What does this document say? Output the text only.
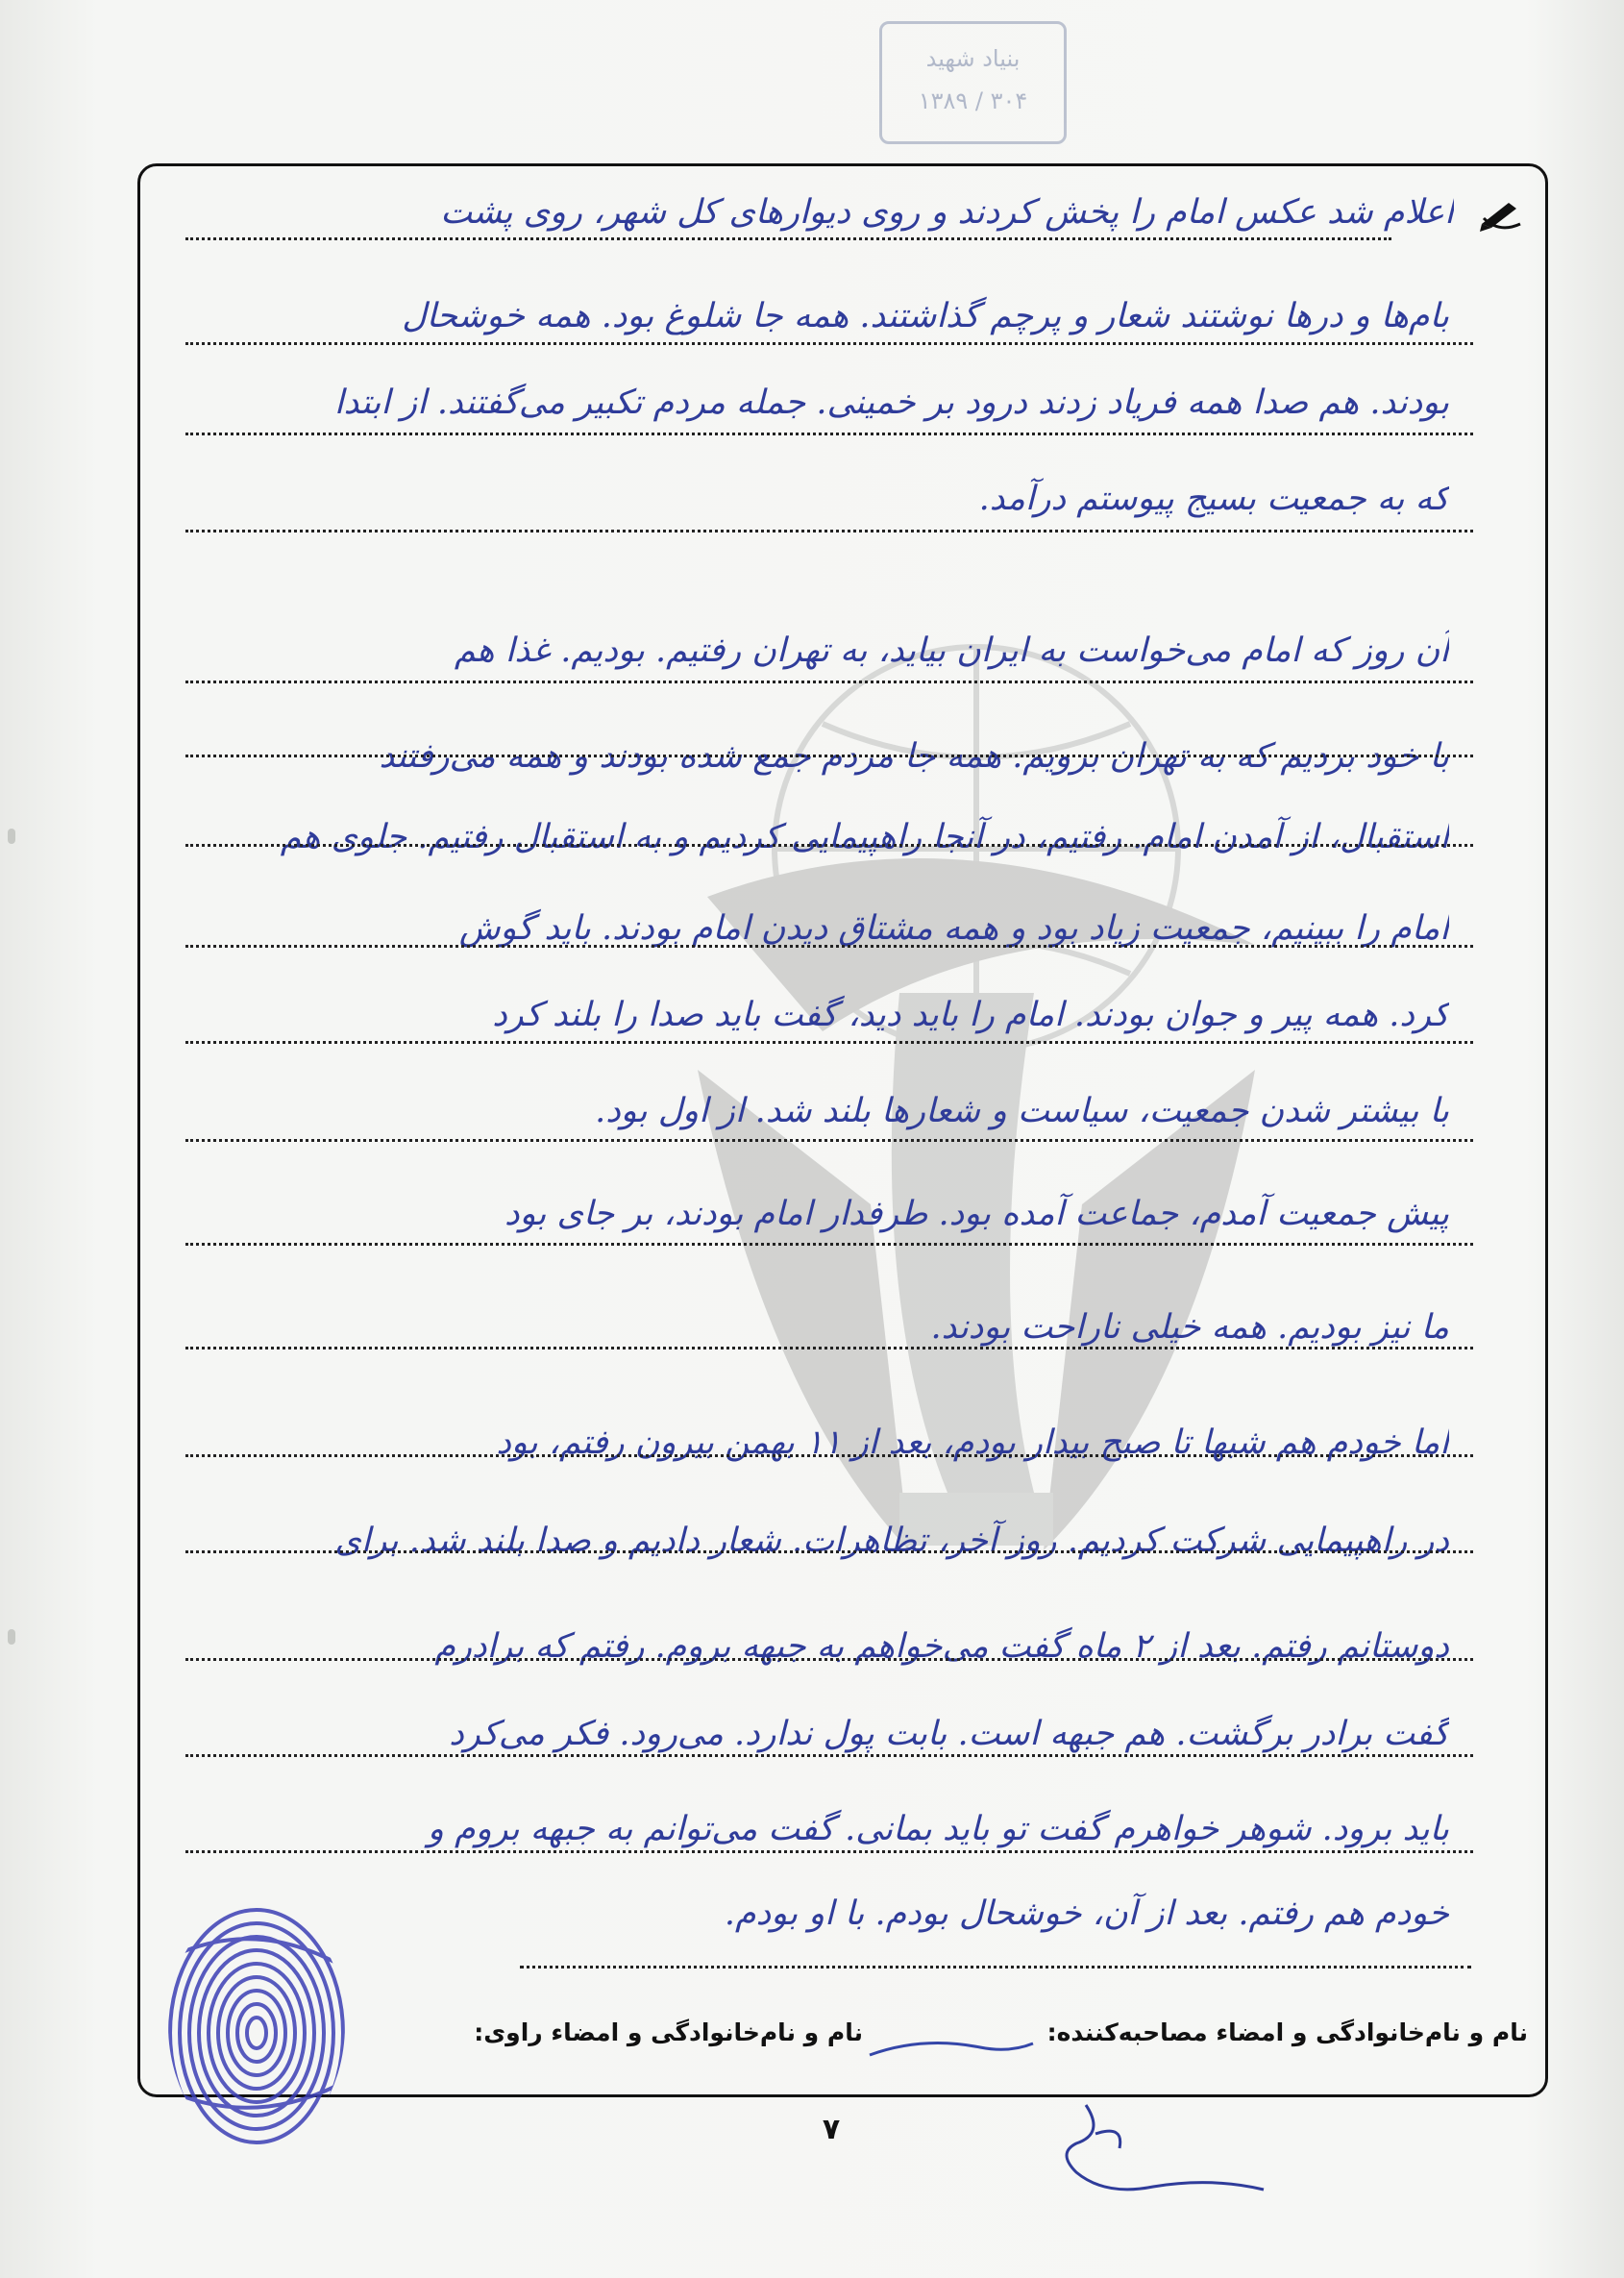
بنیاد شهید
۳۰۴ / ۱۳۸۹
اعلام شد عکس امام را پخش کردند و روی دیوارهای کل شهر، روی پشت
بام‌ها و درها نوشتند شعار و پرچم گذاشتند. همه جا شلوغ بود. همه خوشحال
بودند. هم صدا همه فریاد زدند درود بر خمینی. جمله مردم تکبیر می‌گفتند. از ابتدا
که به جمعیت بسیج پیوستم درآمد.
آن روز که امام می‌خواست به ایران بیاید، به تهران رفتیم. بودیم. غذا هم
با خود بردیم که به تهران برویم. همه جا مردم جمع شده بودند و همه می‌رفتند
استقبال، از آمدن امام. رفتیم، در آنجا راهپیمایی کردیم و به استقبال رفتیم. جلوی هم
امام را ببینیم، جمعیت زیاد بود و همه مشتاق دیدن امام بودند. باید گوش
کرد. همه پیر و جوان بودند. امام را باید دید، گفت باید صدا را بلند کرد
با بیشتر شدن جمعیت، سیاست و شعارها بلند شد. از اول بود.
پیش جمعیت آمدم، جماعت آمده بود. طرفدار امام بودند، بر جای بود
ما نیز بودیم. همه خیلی ناراحت بودند.
اما خودم هم شبها تا صبح بیدار بودم، بعد از ۱۱ بهمن بیرون رفتم، بود
در راهپیمایی شرکت کردیم. روز آخر، تظاهرات. شعار دادیم و صدا بلند شد. برای
دوستانم رفتم. بعد از ۲ ماه گفت می‌خواهم به جبهه بروم. رفتم که برادرم
گفت برادر برگشت. هم جبهه است. بابت پول ندارد. می‌رود. فکر می‌کرد
باید برود. شوهر خواهرم گفت تو باید بمانی. گفت می‌توانم به جبهه بروم و
خودم هم رفتم. بعد از آن، خوشحال بودم. با او بودم.
نام و نام‌خانوادگی و امضاء مصاحبه‌کننده:
نام و نام‌خانوادگی و امضاء راوی:
۷
